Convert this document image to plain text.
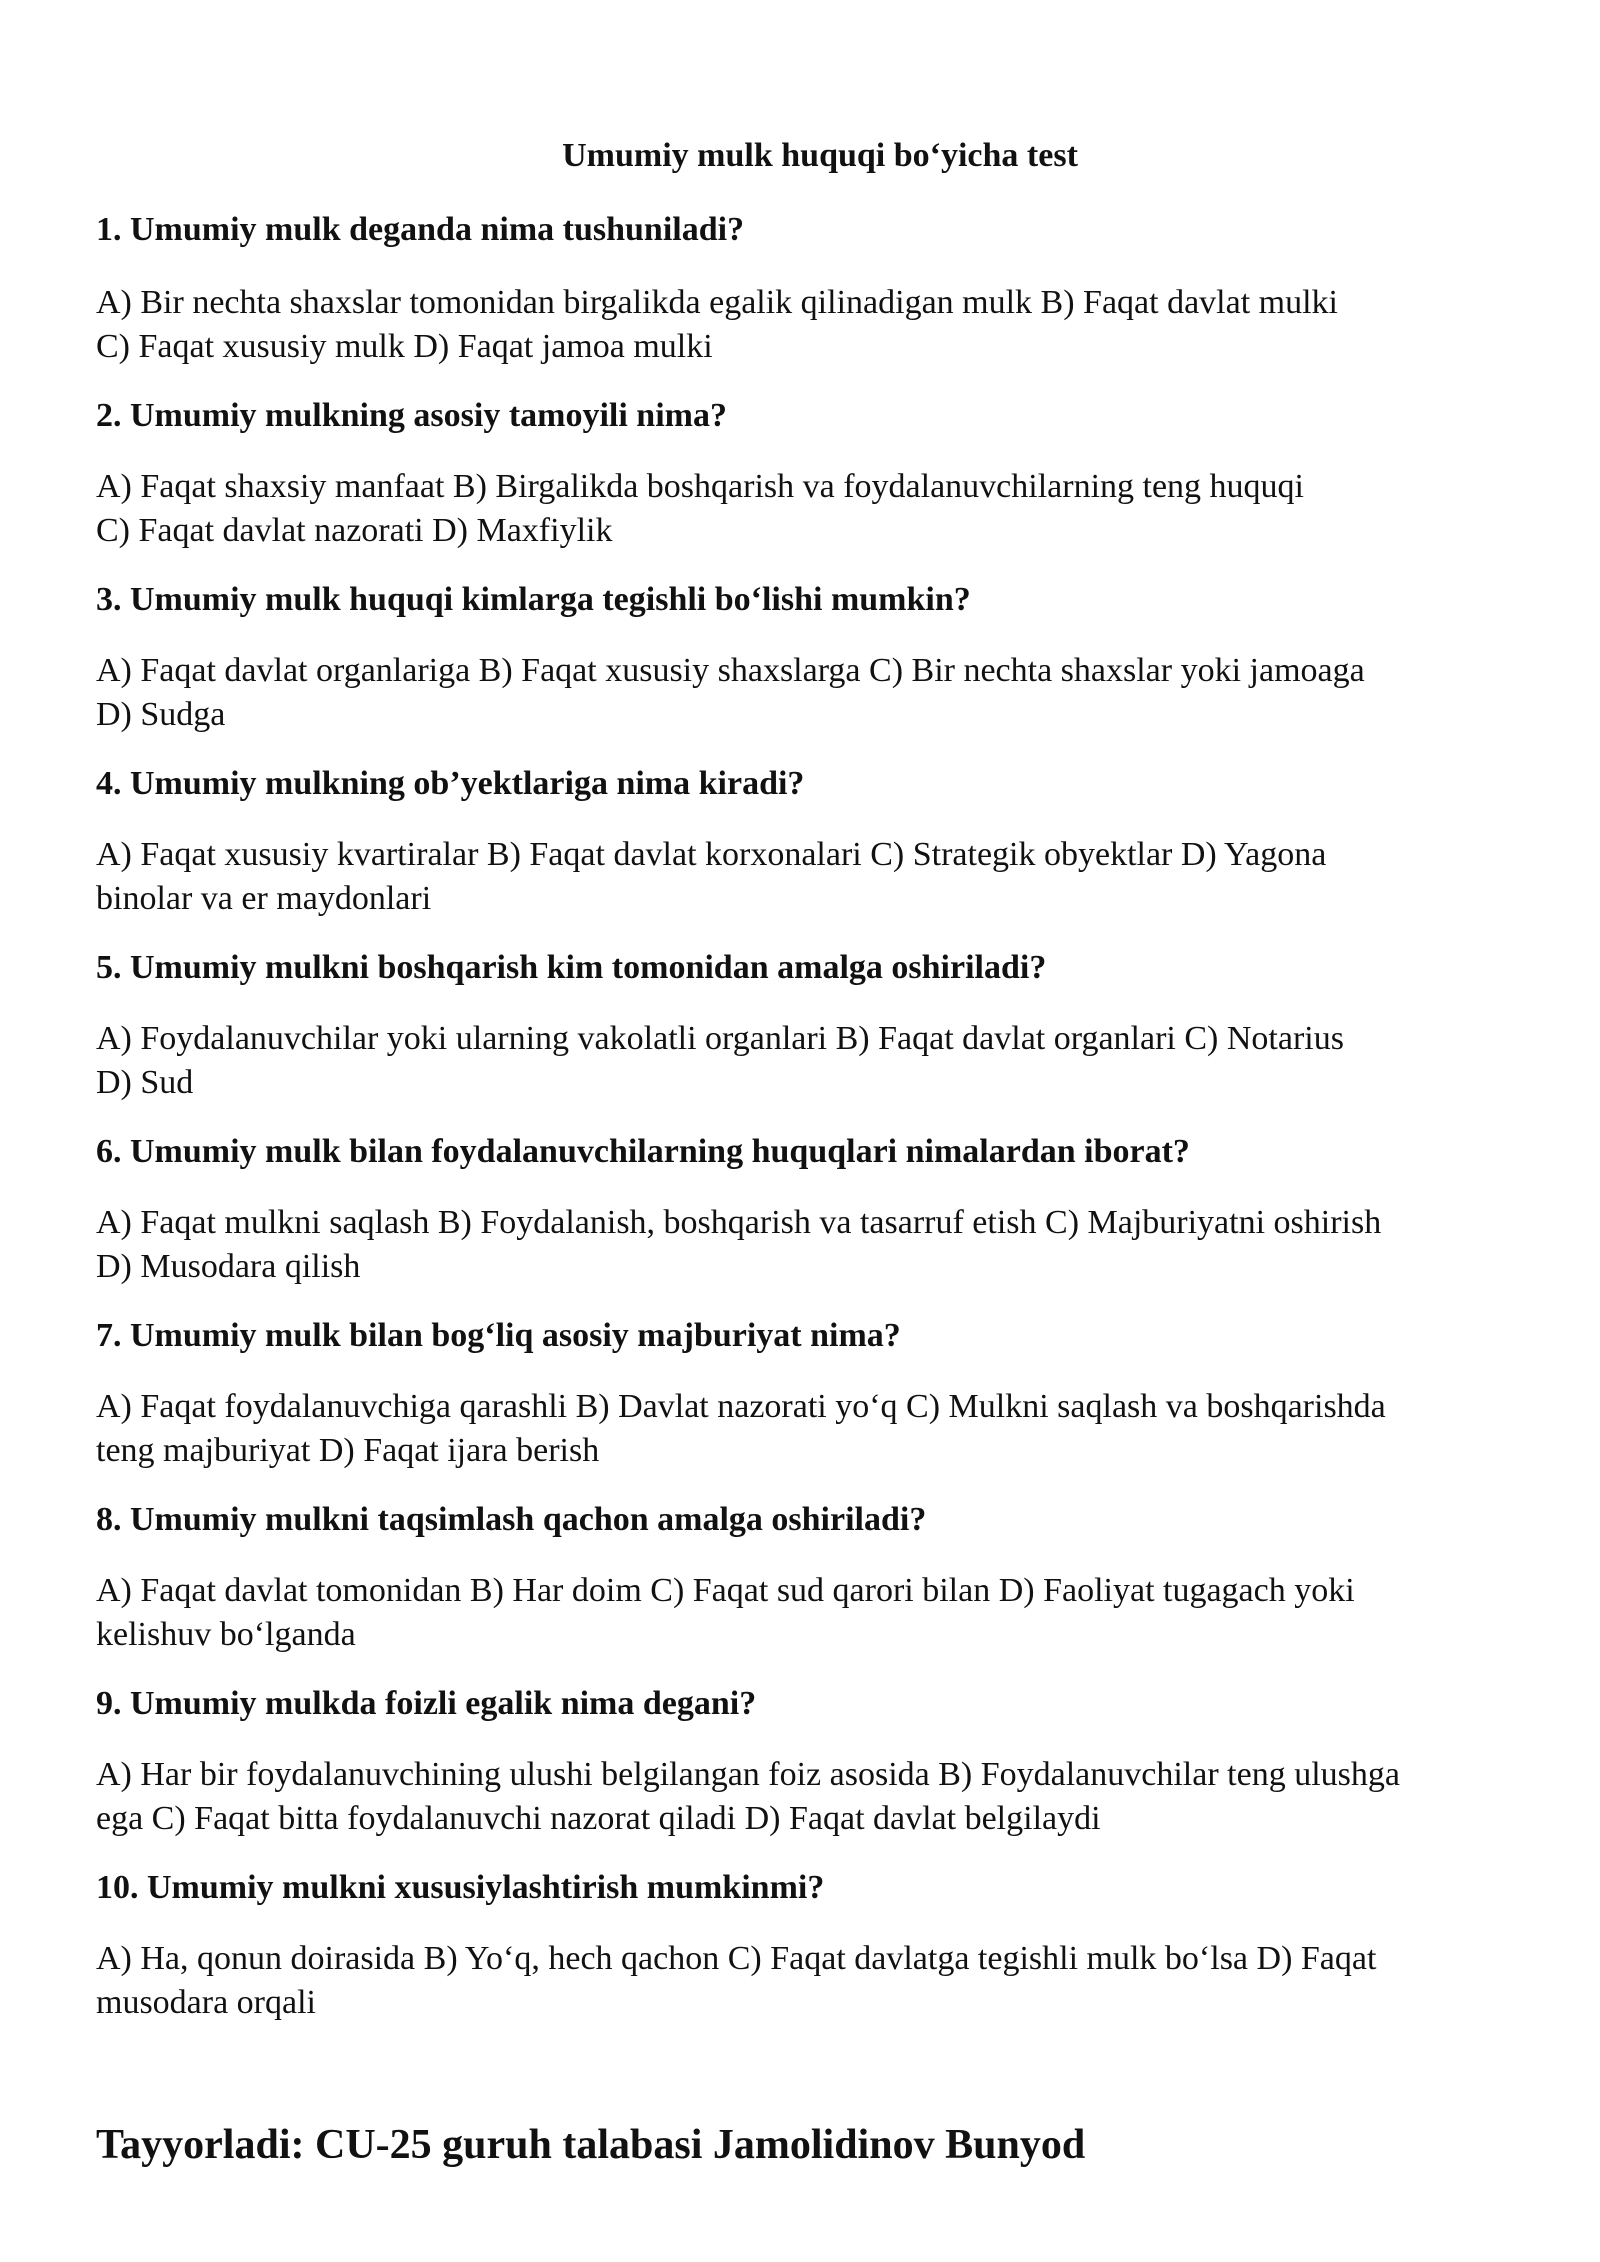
Umumiy mulk huquqi bo‘yicha test
1. Umumiy mulk deganda nima tushuniladi?
A) Bir nechta shaxslar tomonidan birgalikda egalik qilinadigan mulk B) Faqat davlat mulki
C) Faqat xususiy mulk D) Faqat jamoa mulki
2. Umumiy mulkning asosiy tamoyili nima?
A) Faqat shaxsiy manfaat B) Birgalikda boshqarish va foydalanuvchilarning teng huquqi
C) Faqat davlat nazorati D) Maxfiylik
3. Umumiy mulk huquqi kimlarga tegishli bo‘lishi mumkin?
A) Faqat davlat organlariga B) Faqat xususiy shaxslarga C) Bir nechta shaxslar yoki jamoaga
D) Sudga
4. Umumiy mulkning ob’yektlariga nima kiradi?
A) Faqat xususiy kvartiralar B) Faqat davlat korxonalari C) Strategik obyektlar D) Yagona
binolar va er maydonlari
5. Umumiy mulkni boshqarish kim tomonidan amalga oshiriladi?
A) Foydalanuvchilar yoki ularning vakolatli organlari B) Faqat davlat organlari C) Notarius
D) Sud
6. Umumiy mulk bilan foydalanuvchilarning huquqlari nimalardan iborat?
A) Faqat mulkni saqlash B) Foydalanish, boshqarish va tasarruf etish C) Majburiyatni oshirish
D) Musodara qilish
7. Umumiy mulk bilan bog‘liq asosiy majburiyat nima?
A) Faqat foydalanuvchiga qarashli B) Davlat nazorati yo‘q C) Mulkni saqlash va boshqarishda
teng majburiyat D) Faqat ijara berish
8. Umumiy mulkni taqsimlash qachon amalga oshiriladi?
A) Faqat davlat tomonidan B) Har doim C) Faqat sud qarori bilan D) Faoliyat tugagach yoki
kelishuv bo‘lganda
9. Umumiy mulkda foizli egalik nima degani?
A) Har bir foydalanuvchining ulushi belgilangan foiz asosida B) Foydalanuvchilar teng ulushga
ega C) Faqat bitta foydalanuvchi nazorat qiladi D) Faqat davlat belgilaydi
10. Umumiy mulkni xususiylashtirish mumkinmi?
A) Ha, qonun doirasida B) Yo‘q, hech qachon C) Faqat davlatga tegishli mulk bo‘lsa D) Faqat
musodara orqali
Tayyorladi: CU-25 guruh talabasi Jamolidinov Bunyod
